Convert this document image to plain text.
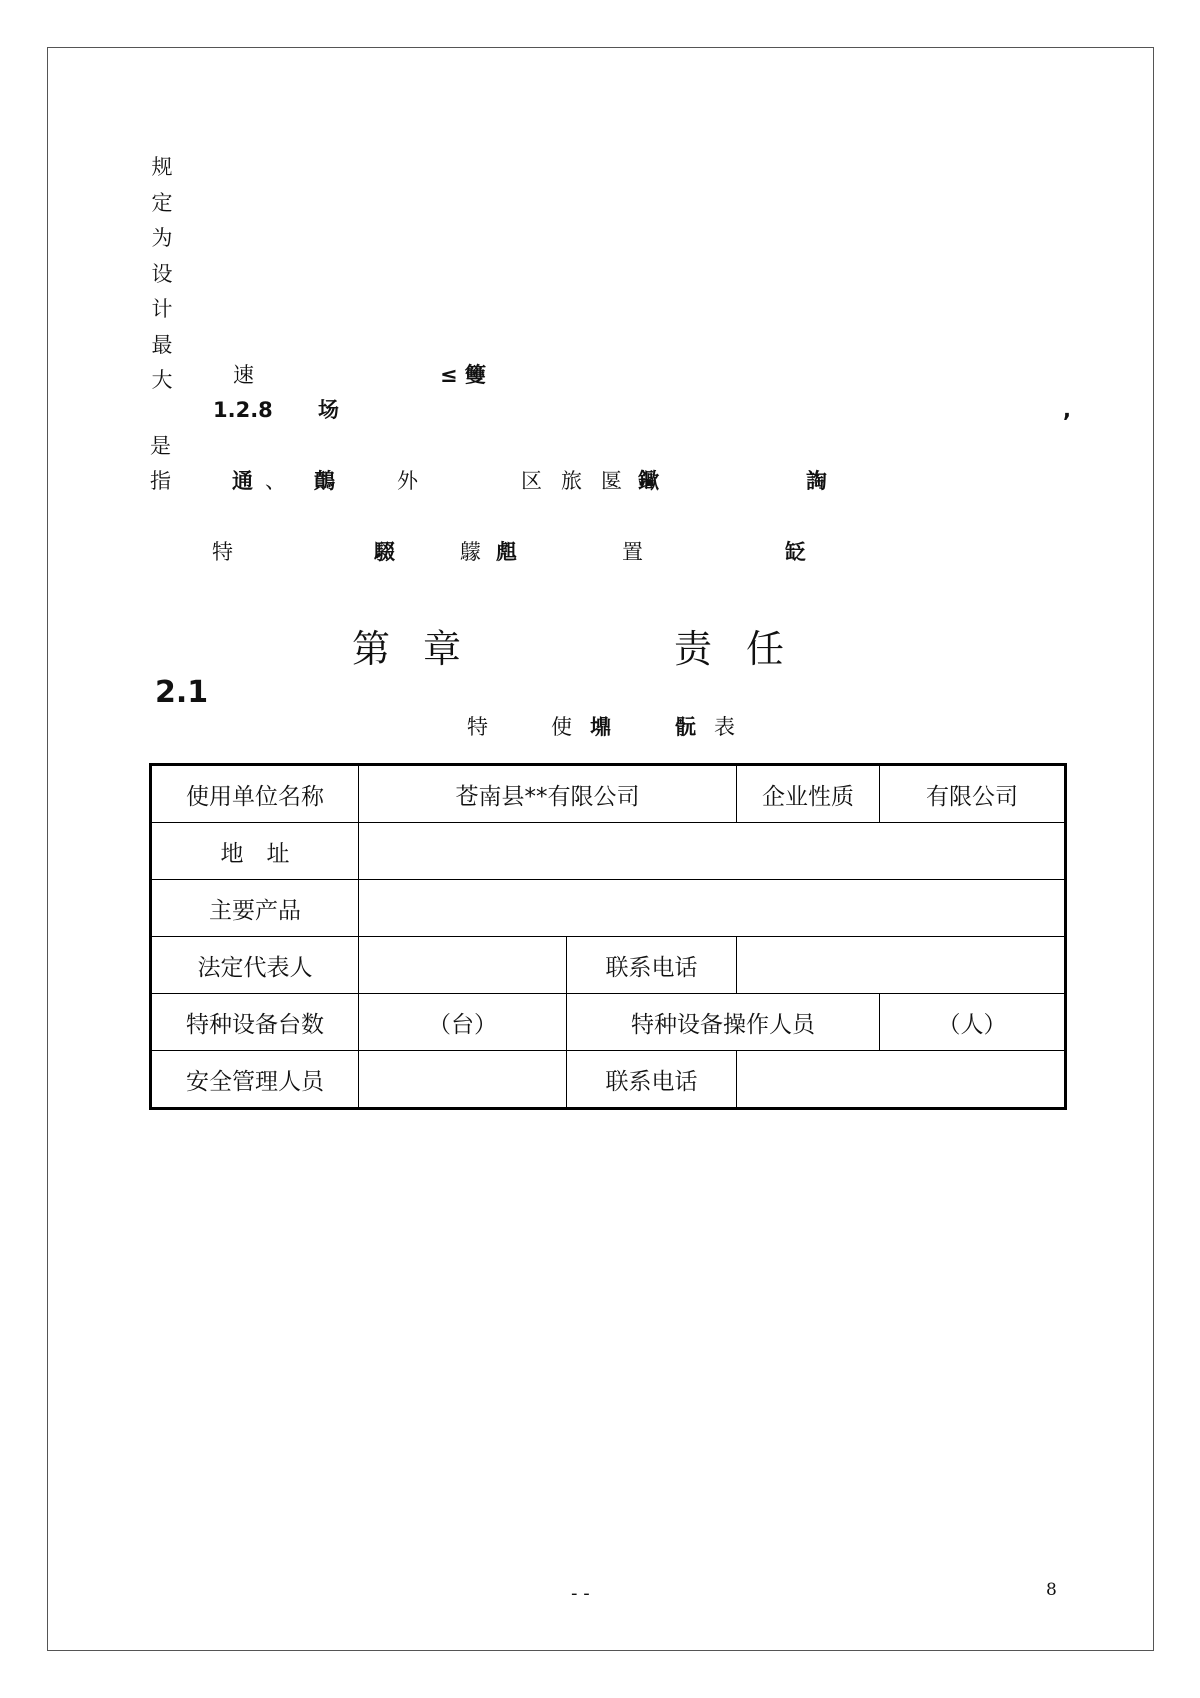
规
定
为
设
计
最
大	速	≤ 䉶
1.2.8 场	,
是
指	通 、 䴅	外	区 旅 匽 䥲	䛬
特	䮕	䴌 䖕	置	䍇
第 章	责 任
2.1
特	使 䵺	䯈 表
使用单位名称	苍南县**有限公司		企业性质	有限公司
地　址				
主要产品				
法定代表人		联系电话		
特种设备台数	（台）	特种设备操作人员		（人）
安全管理人员		联系电话		
- -	8
